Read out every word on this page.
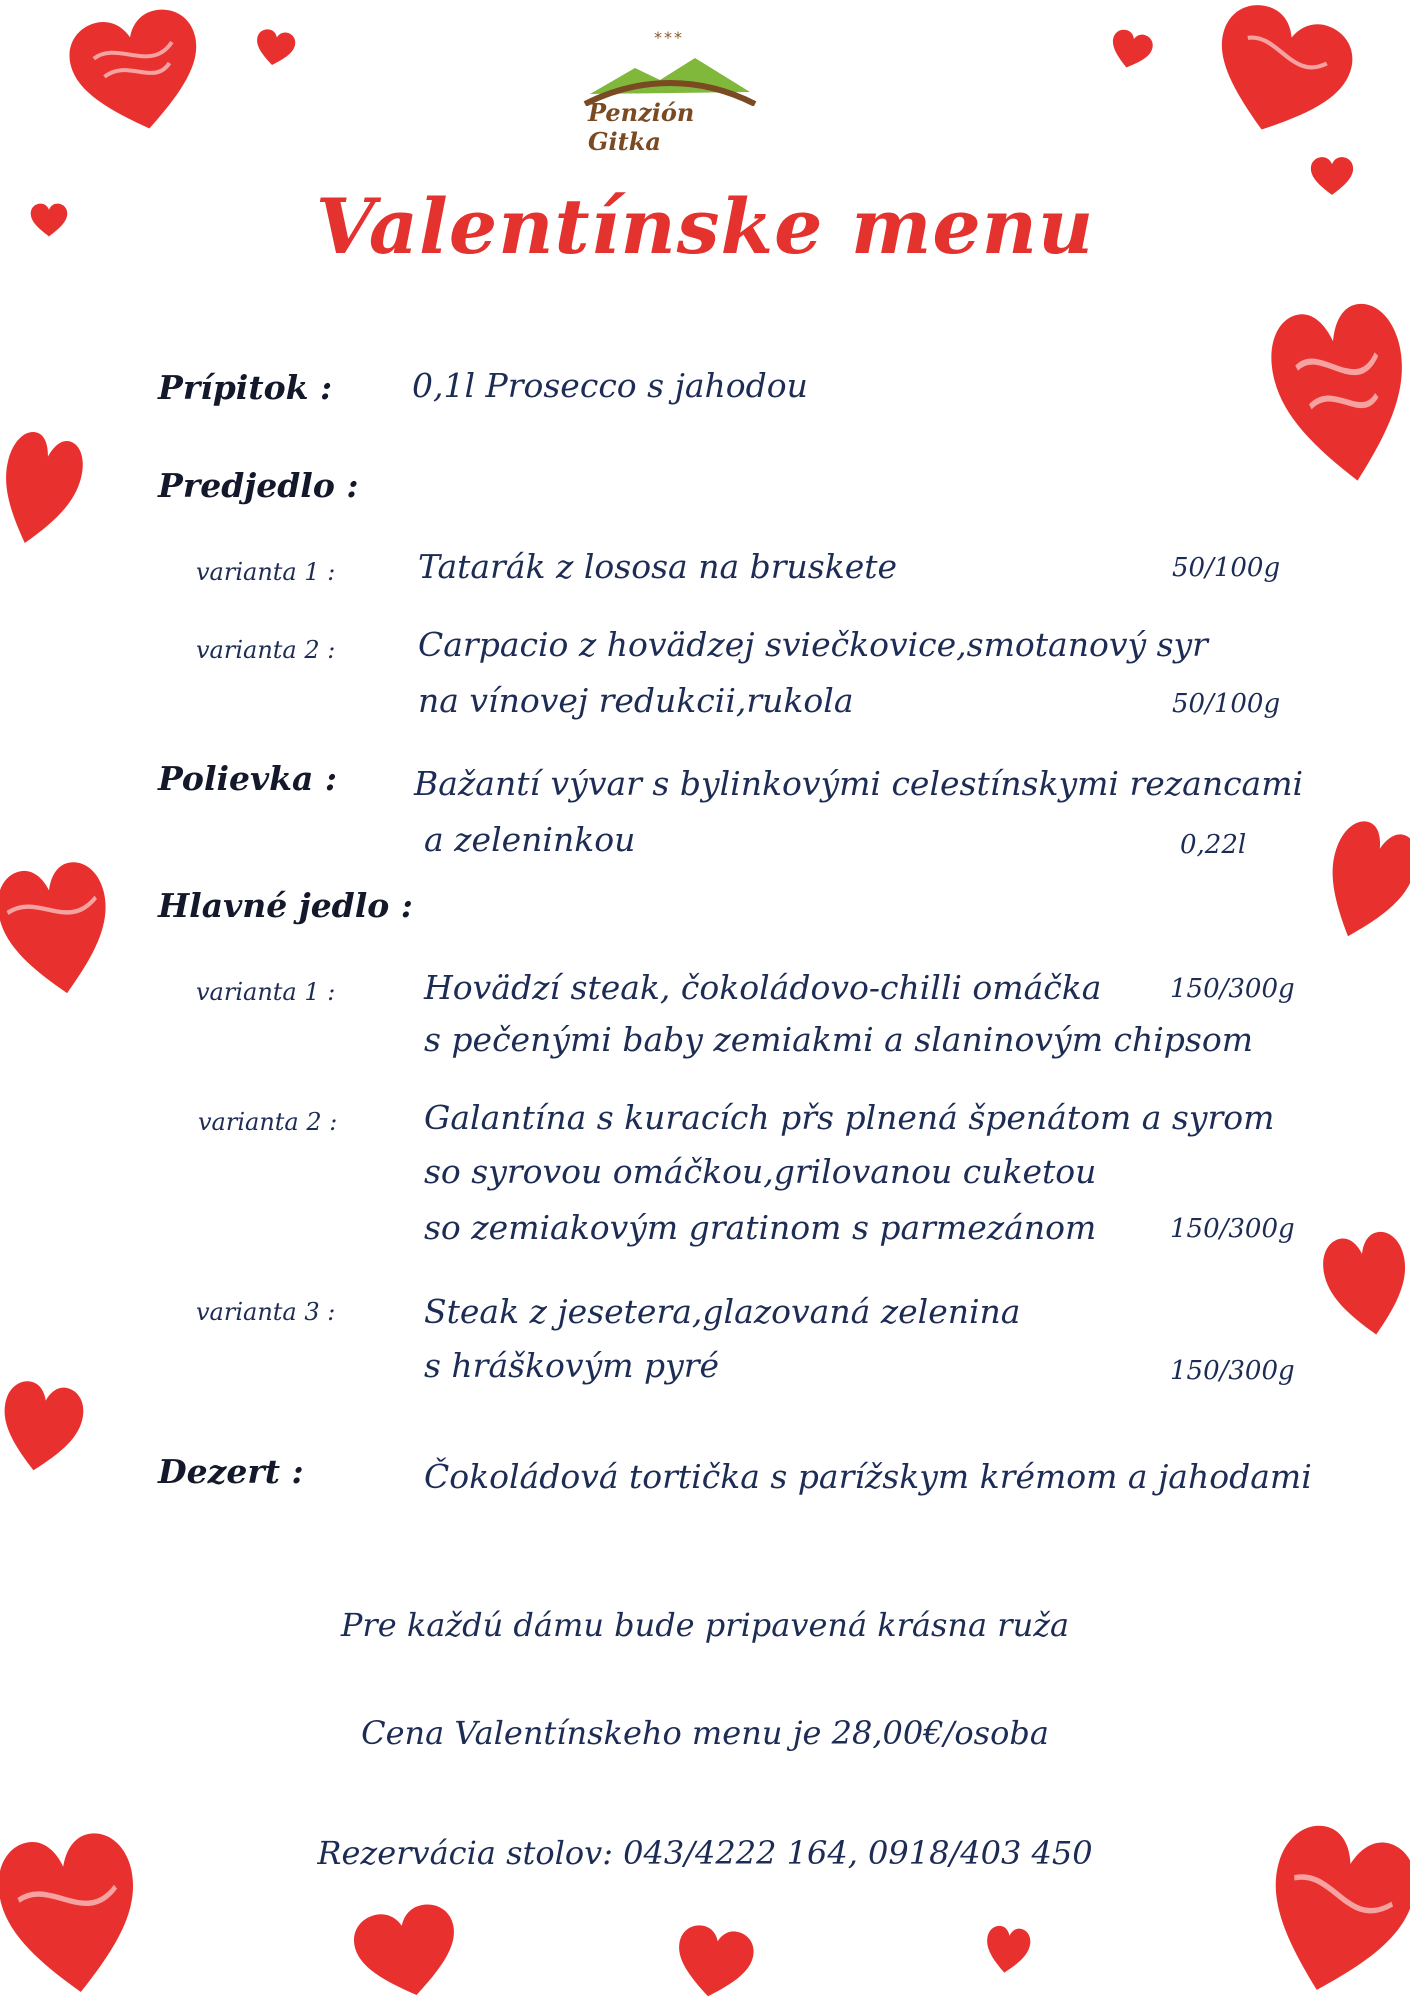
***
Penzión Gitka
Valentínske menu
Prípitok : 0,1l Prosecco s jahodou
Predjedlo :
varianta 1 :	Tatarák z lososa na bruskete	50/100g
varianta 2 :	Carpacio z hovädzej sviečkovice,smotanový syr
na vínovej redukcii,rukola	50/100g
Polievka : Bažantí vývar s bylinkovými celestínskymi rezancami
a zeleninkou	0,22l
Hlavné jedlo :
varianta 1 :	Hovädzí steak, čokoládovo-chilli omáčka
s pečenými baby zemiakmi a slaninovým chipsom
150/300g
varianta 2 :	Galantína s kuracích přs plnená špenátom a syrom
so syrovou omáčkou,grilovanou cuketou
so zemiakovým gratinom s parmezánom	150/300g
varianta 3 :	Steak z jesetera,glazovaná zelenina
s hráškovým pyré	150/300g
Dezert :	Čokoládová tortička s parížskym krémom a jahodami
Pre každú dámu bude pripavená krásna ruža
Cena Valentínskeho menu je 28,00€/osoba
Rezervácia stolov: 043/4222 164, 0918/403 450
